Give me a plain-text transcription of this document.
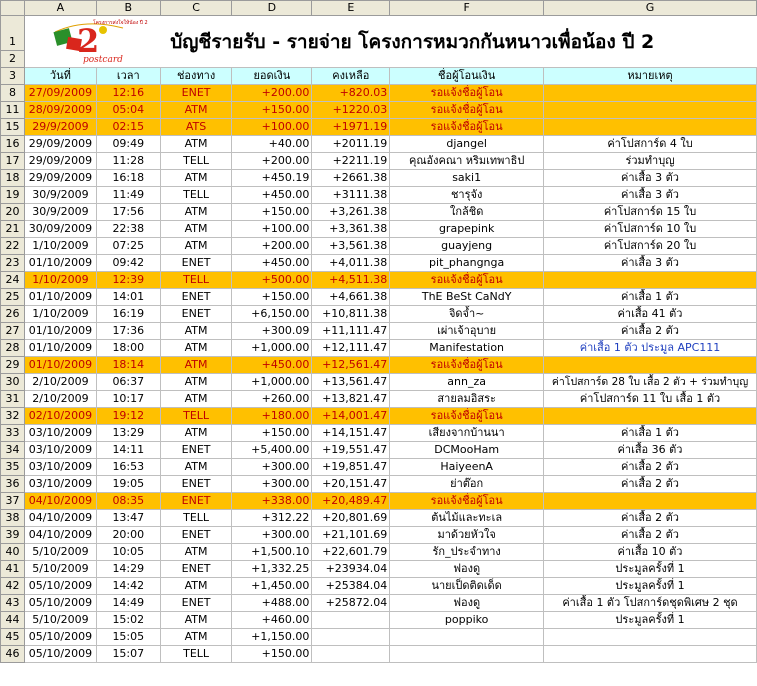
	A	B	C	D	E	F	G
1	โครงการส่งใจให้น้อง ปี 2
2
postcard		บัญชีรายรับ - รายจ่าย โครงการหมวกกันหนาวเพื่อน้อง ปี 2				
2							
3	วันที่	เวลา	ช่องทาง	ยอดเงิน	คงเหลือ	ชื่อผู้โอนเงิน	หมายเหตุ
8	27/09/2009	12:16	ENET	+200.00	+820.03	รอแจ้งชื่อผู้โอน	
11	28/09/2009	05:04	ATM	+150.00	+1220.03	รอแจ้งชื่อผู้โอน	
15	29/9/2009	02:15	ATS	+100.00	+1971.19	รอแจ้งชื่อผู้โอน	
16	29/09/2009	09:49	ATM	+40.00	+2011.19	djangel	ค่าโปสการ์ด 4 ใบ
17	29/09/2009	11:28	TELL	+200.00	+2211.19	คุณอังคณา หริมเทพาธิป	ร่วมทำบุญ
18	29/09/2009	16:18	ATM	+450.19	+2661.38	saki1	ค่าเสื้อ 3 ตัว
19	30/9/2009	11:49	TELL	+450.00	+3111.38	ชารุจัง	ค่าเสื้อ 3 ตัว
20	30/9/2009	17:56	ATM	+150.00	+3,261.38	ใกล้ชิด	ค่าโปสการ์ด 15 ใบ
21	30/09/2009	22:38	ATM	+100.00	+3,361.38	grapepink	ค่าโปสการ์ด 10 ใบ
22	1/10/2009	07:25	ATM	+200.00	+3,561.38	guayjeng	ค่าโปสการ์ด 20 ใบ
23	01/10/2009	09:42	ENET	+450.00	+4,011.38	pit_phangnga	ค่าเสื้อ 3 ตัว
24	1/10/2009	12:39	TELL	+500.00	+4,511.38	รอแจ้งชื่อผู้โอน	
25	01/10/2009	14:01	ENET	+150.00	+4,661.38	ThE BeSt CaNdY	ค่าเสื้อ 1 ตัว
26	1/10/2009	16:19	ENET	+6,150.00	+10,811.38	จิดจ้ำ~	ค่าเสื้อ 41 ตัว
27	01/10/2009	17:36	ATM	+300.09	+11,111.47	เผ่าเจ้าอุบาย	ค่าเสื้อ 2 ตัว
28	01/10/2009	18:00	ATM	+1,000.00	+12,111.47	Manifestation	ค่าเสื้อ 1 ตัว ประมูล APC111
29	01/10/2009	18:14	ATM	+450.00	+12,561.47	รอแจ้งชื่อผู้โอน	
30	2/10/2009	06:37	ATM	+1,000.00	+13,561.47	ann_za	ค่าโปสการ์ด 28 ใบ เสื้อ 2 ตัว + ร่วมทำบุญ
31	2/10/2009	10:17	ATM	+260.00	+13,821.47	สายลมอิสระ	ค่าโปสการ์ด 11 ใบ เสื้อ 1 ตัว
32	02/10/2009	19:12	TELL	+180.00	+14,001.47	รอแจ้งชื่อผู้โอน	
33	03/10/2009	13:29	ATM	+150.00	+14,151.47	เสียงจากบ้านนา	ค่าเสื้อ 1 ตัว
34	03/10/2009	14:11	ENET	+5,400.00	+19,551.47	DCMooHam	ค่าเสื้อ 36 ตัว
35	03/10/2009	16:53	ATM	+300.00	+19,851.47	HaiyeenA	ค่าเสื้อ 2 ตัว
36	03/10/2009	19:05	ENET	+300.00	+20,151.47	ย่าต๊อก	ค่าเสื้อ 2 ตัว
37	04/10/2009	08:35	ENET	+338.00	+20,489.47	รอแจ้งชื่อผู้โอน	
38	04/10/2009	13:47	TELL	+312.22	+20,801.69	ต้นไม้และทะเล	ค่าเสื้อ 2 ตัว
39	04/10/2009	20:00	ENET	+300.00	+21,101.69	มาด้วยหัวใจ	ค่าเสื้อ 2 ตัว
40	5/10/2009	10:05	ATM	+1,500.10	+22,601.79	รัก_ประจำทาง	ค่าเสื้อ 10 ตัว
41	5/10/2009	14:29	ENET	+1,332.25	+23934.04	ฟองดู	ประมูลครั้งที่ 1
42	05/10/2009	14:42	ATM	+1,450.00	+25384.04	นายเป็ดติดเด็ด	ประมูลครั้งที่ 1
43	05/10/2009	14:49	ENET	+488.00	+25872.04	ฟองดู	ค่าเสื้อ 1 ตัว โปสการ์ดชุดพิเศษ 2 ชุด
44	5/10/2009	15:02	ATM	+460.00		poppiko	ประมูลครั้งที่ 1
45	05/10/2009	15:05	ATM	+1,150.00			
46	05/10/2009	15:07	TELL	+150.00			
